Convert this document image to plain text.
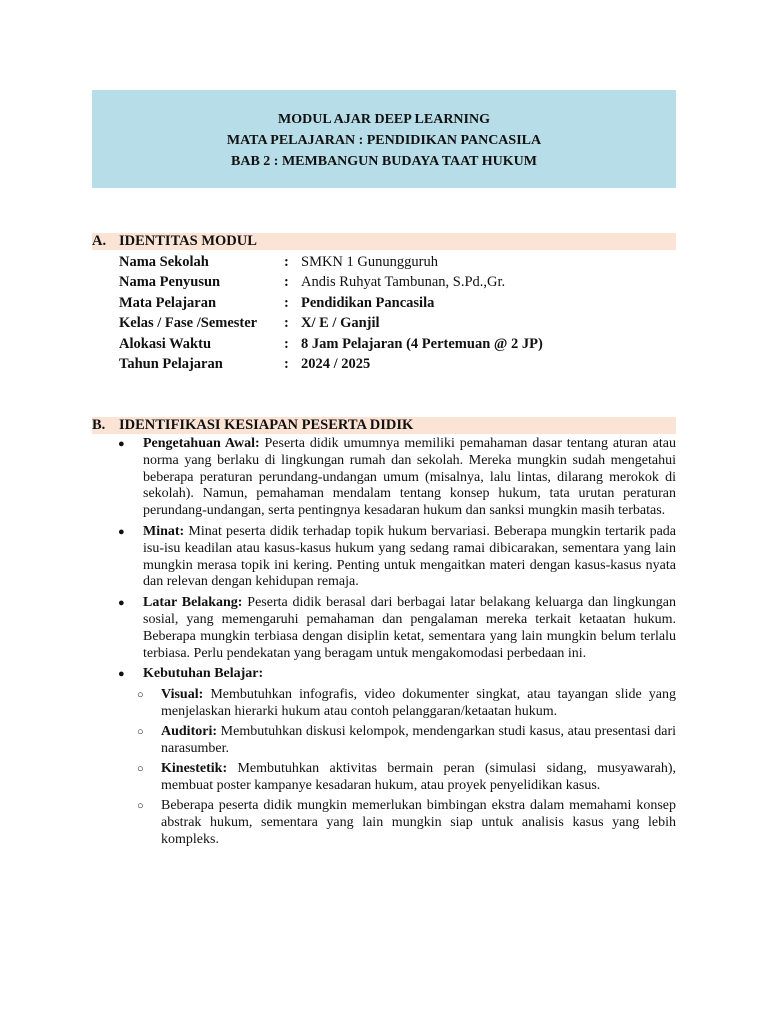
MODUL AJAR DEEP LEARNING
MATA PELAJARAN : PENDIDIKAN PANCASILA
BAB 2 : MEMBANGUN BUDAYA TAAT HUKUM
A. IDENTITAS MODUL
Nama Sekolah	: SMKN 1 Gunungguruh
Nama Penyusun	: Andis Ruhyat Tambunan, S.Pd.,Gr.
Mata Pelajaran	: Pendidikan Pancasila
Kelas / Fase /Semester : X/ E / Ganjil
Alokasi Waktu	: 8 Jam Pelajaran (4 Pertemuan @ 2 JP)
Tahun Pelajaran	: 2024 / 2025
B. IDENTIFIKASI KESIAPAN PESERTA DIDIK
●
Pengetahuan Awal: Peserta didik umumnya memiliki pemahaman dasar tentang aturan atau norma yang berlaku di lingkungan rumah dan sekolah. Mereka mungkin sudah mengetahui beberapa peraturan perundang-undangan umum (misalnya, lalu lintas, dilarang merokok di sekolah). Namun, pemahaman mendalam tentang konsep hukum, tata urutan peraturan perundang-undangan, serta pentingnya kesadaran hukum dan sanksi mungkin masih terbatas.
●
Minat: Minat peserta didik terhadap topik hukum bervariasi. Beberapa mungkin tertarik pada isu-isu keadilan atau kasus-kasus hukum yang sedang ramai dibicarakan, sementara yang lain mungkin merasa topik ini kering. Penting untuk mengaitkan materi dengan kasus-kasus nyata dan relevan dengan kehidupan remaja.
●
Latar Belakang: Peserta didik berasal dari berbagai latar belakang keluarga dan lingkungan sosial, yang memengaruhi pemahaman dan pengalaman mereka terkait ketaatan hukum. Beberapa mungkin terbiasa dengan disiplin ketat, sementara yang lain mungkin belum terlalu terbiasa. Perlu pendekatan yang beragam untuk mengakomodasi perbedaan ini.
●
Kebutuhan Belajar:
○
Visual: Membutuhkan infografis, video dokumenter singkat, atau tayangan slide yang menjelaskan hierarki hukum atau contoh pelanggaran/ketaatan hukum.
○
Auditori: Membutuhkan diskusi kelompok, mendengarkan studi kasus, atau presentasi dari narasumber.
○
Kinestetik: Membutuhkan aktivitas bermain peran (simulasi sidang, musyawarah), membuat poster kampanye kesadaran hukum, atau proyek penyelidikan kasus.
○
Beberapa peserta didik mungkin memerlukan bimbingan ekstra dalam memahami konsep abstrak hukum, sementara yang lain mungkin siap untuk analisis kasus yang lebih kompleks.
